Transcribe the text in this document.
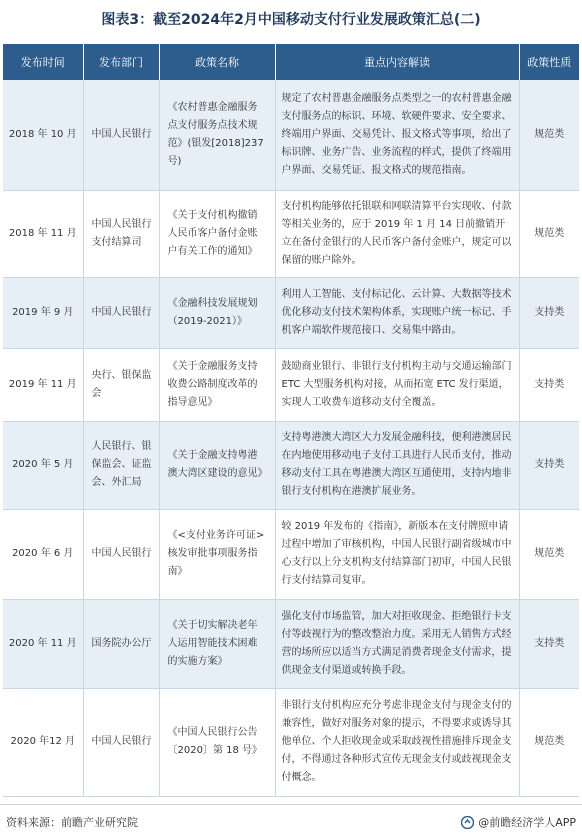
图表3：截至2024年2月中国移动支付行业发展政策汇总(二)
发布时间	发布部门	政策名称	重点内容解读	政策性质
2018 年 10 月	中国人民银行	《农村普惠金融服务点支付服务点技术规范》(银发[2018]237 号)	规定了农村普惠金融服务点类型之一的农村普惠金融支付服务点的标识、环境、软硬件要求、安全要求、终端用户界面、交易凭计、报文格式等事项，给出了标识牌、业务广告、业务流程的样式，提供了终端用户界面、交易凭证、报文格式的规范指南。	规范类
2018 年 11 月	中国人民银行支付结算司	《关于支付机构撤销人民币客户备付金账户有关工作的通知》	支付机构能够依托银联和网联清算平台实现收、付款等相关业务的，应于 2019 年 1 月 14 日前撤销开立在备付金银行的人民币客户备付金账户，规定可以保留的账户除外。	规范类
2019 年 9 月	中国人民银行	《金融科技发展规划（2019-2021）》	利用人工智能、支付标记化、云计算、大数据等技术优化移动支付技术架构体系，实现账户统一标记、手机客户端软件规范接口、交易集中路由。	支持类
2019 年 11 月	央行、银保监会	《关于金融服务支持收费公路制度改革的指导意见》	鼓励商业银行、非银行支付机构主动与交通运输部门 ETC 大型服务机构对接，从而拓宽 ETC 发行渠道，实现人工收费车道移动支付全覆盖。	支持类
2020 年 5 月	人民银行、银保监会、证监会、外汇局	《关于金融支持粤港澳大湾区建设的意见》	支持粤港澳大湾区大力发展金融科技，便利港澳居民在内地使用移动电子支付工具进行人民币支付，推动移动支付工具在粤港澳大湾区互通使用，支持内地非银行支付机构在港澳扩展业务。	支持类
2020 年 6 月	中国人民银行	《<支付业务许可证>核发审批事项服务指南》	较 2019 年发布的《指南》，新版本在支付牌照申请过程中增加了审核机构，中国人民银行副省级城市中心支行以上分支机构支付结算部门初审，中国人民银行支付结算司复审。	规范类
2020 年 11 月	国务院办公厅	《关于切实解决老年人运用智能技术困难的实施方案》	强化支付市场监管，加大对拒收现金、拒绝银行卡支付等歧视行为的整改整治力度。采用无人销售方式经营的场所应以适当方式满足消费者现金支付需求，提供现金支付渠道或转换手段。	支持类
2020 年12 月	中国人民银行	《中国人民银行公告〔2020〕第 18 号》	非银行支付机构应充分考虑非现金支付与现金支付的兼容性，做好对服务对象的提示，不得要求或诱导其他单位、个人拒收现金或采取歧视性措施排斥现金支付，不得通过各种形式宣传无现金支付或歧视现金支付概念。	规范类
资料来源：前瞻产业研究院	@前瞻经济学人APP
